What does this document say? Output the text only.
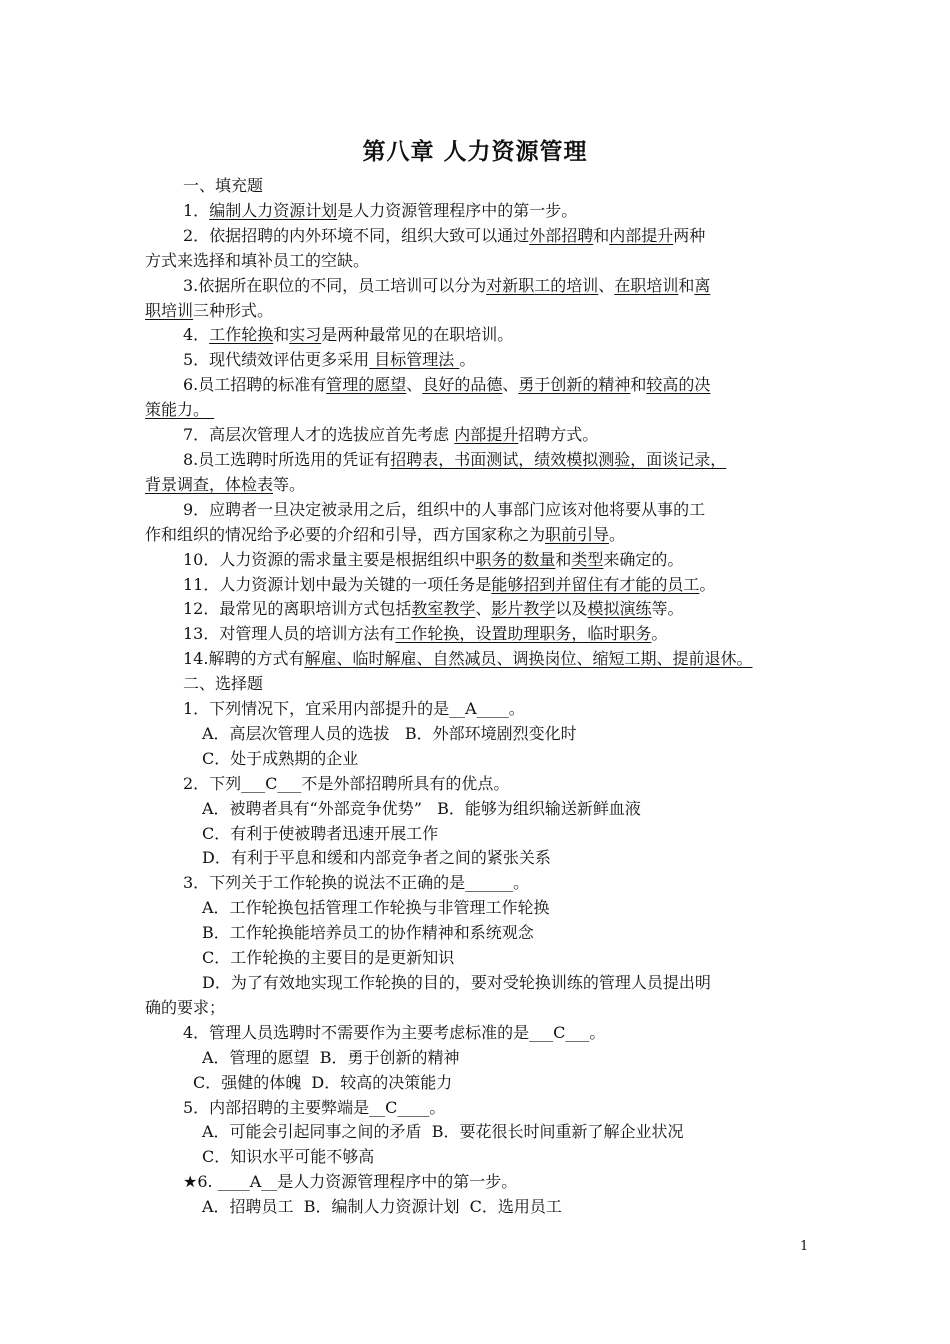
第八章 人力资源管理
一、填充题
1．编制人力资源计划是人力资源管理程序中的第一步。
2．依据招聘的内外环境不同，组织大致可以通过外部招聘和内部提升两种
方式来选择和填补员工的空缺。
3.依据所在职位的不同，员工培训可以分为对新职工的培训、在职培训和离
职培训三种形式。
4．工作轮换和实习是两种最常见的在职培训。
5．现代绩效评估更多采用 目标管理法 。
6.员工招聘的标准有管理的愿望、良好的品德、勇于创新的精神和较高的决
策能力。
7．高层次管理人才的选拔应首先考虑 内部提升招聘方式。
8.员工选聘时所选用的凭证有招聘表，书面测试，绩效模拟测验，面谈记录，
背景调查，体检表等。
9．应聘者一旦决定被录用之后，组织中的人事部门应该对他将要从事的工
作和组织的情况给予必要的介绍和引导，西方国家称之为职前引导。
10．人力资源的需求量主要是根据组织中职务的数量和类型来确定的。
11．人力资源计划中最为关键的一项任务是能够招到并留住有才能的员工。
12．最常见的离职培训方式包括教室教学、影片教学以及模拟演练等。
13．对管理人员的培训方法有工作轮换，设置助理职务，临时职务。
14.解聘的方式有解雇、临时解雇、自然减员、调换岗位、缩短工期、提前退休。
二、选择题
1．下列情况下，宜采用内部提升的是__A____。
A．高层次管理人员的选拔   B．外部环境剧烈变化时
C．处于成熟期的企业
2．下列___C___不是外部招聘所具有的优点。
A．被聘者具有“外部竞争优势”   B．能够为组织输送新鲜血液
C．有利于使被聘者迅速开展工作
D．有利于平息和缓和内部竞争者之间的紧张关系
3．下列关于工作轮换的说法不正确的是______。
A．工作轮换包括管理工作轮换与非管理工作轮换
B．工作轮换能培养员工的协作精神和系统观念
C．工作轮换的主要目的是更新知识
D．为了有效地实现工作轮换的目的，要对受轮换训练的管理人员提出明
确的要求；
4．管理人员选聘时不需要作为主要考虑标准的是___C___。
A．管理的愿望  B．勇于创新的精神
C．强健的体魄  D．较高的决策能力
5．内部招聘的主要弊端是__C____。
A．可能会引起同事之间的矛盾  B．要花很长时间重新了解企业状况
C．知识水平可能不够高
★6. ____A__是人力资源管理程序中的第一步。
A．招聘员工  B．编制人力资源计划  C．选用员工
1
